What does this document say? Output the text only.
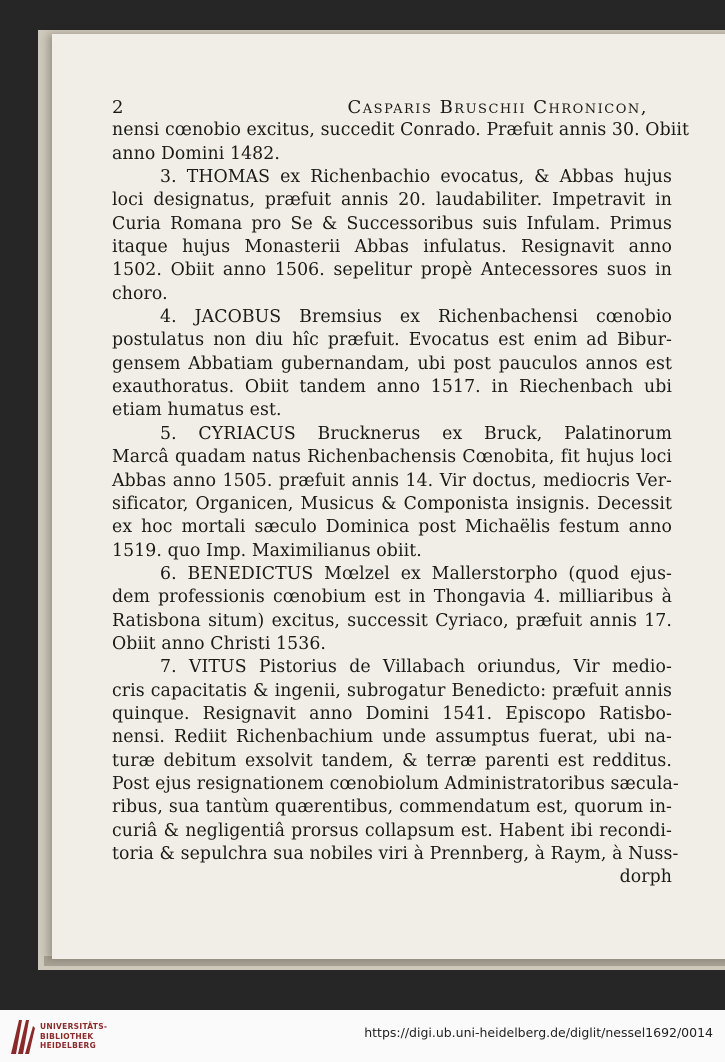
2	Casparis Bruschii Chronicon,
nensi cœnobio excitus, succedit Conrado. Præfuit annis 30. Obiit
anno Domini 1482.
3. THOMAS ex Richenbachio evocatus, & Abbas hujus
loci designatus, præfuit annis 20. laudabiliter. Impetravit in
Curia Romana pro Se & Successoribus suis Infulam. Primus
itaque hujus Monasterii Abbas infulatus. Resignavit anno
1502. Obiit anno 1506. sepelitur propè Antecessores suos in
choro.
4. JACOBUS Bremsius ex Richenbachensi cœnobio
postulatus non diu hîc præfuit. Evocatus est enim ad Bibur-
gensem Abbatiam gubernandam, ubi post pauculos annos est
exauthoratus. Obiit tandem anno 1517. in Riechenbach ubi
etiam humatus est.
5. CYRIACUS Brucknerus ex Bruck, Palatinorum
Marcâ quadam natus Richenbachensis Cœnobita, fit hujus loci
Abbas anno 1505. præfuit annis 14. Vir doctus, mediocris Ver-
sificator, Organicen, Musicus & Componista insignis. Decessit
ex hoc mortali sæculo Dominica post Michaëlis festum anno
1519. quo Imp. Maximilianus obiit.
6. BENEDICTUS Mœlzel ex Mallerstorpho (quod ejus-
dem professionis cœnobium est in Thongavia 4. milliaribus à
Ratisbona situm) excitus, successit Cyriaco, præfuit annis 17.
Obiit anno Christi 1536.
7. VITUS Pistorius de Villabach oriundus, Vir medio-
cris capacitatis & ingenii, subrogatur Benedicto: præfuit annis
quinque. Resignavit anno Domini 1541. Episcopo Ratisbo-
nensi. Rediit Richenbachium unde assumptus fuerat, ubi na-
turæ debitum exsolvit tandem, & terræ parenti est redditus.
Post ejus resignationem cœnobiolum Administratoribus sæcula-
ribus, sua tantùm quærentibus, commendatum est, quorum in-
curiâ & negligentiâ prorsus collapsum est. Habent ibi recondi-
toria & sepulchra sua nobiles viri à Prennberg, à Raym, à Nuss-
dorph
UNIVERSITÄTS-
BIBLIOTHEK
HEIDELBERG
https://digi.ub.uni-heidelberg.de/diglit/nessel1692/0014
